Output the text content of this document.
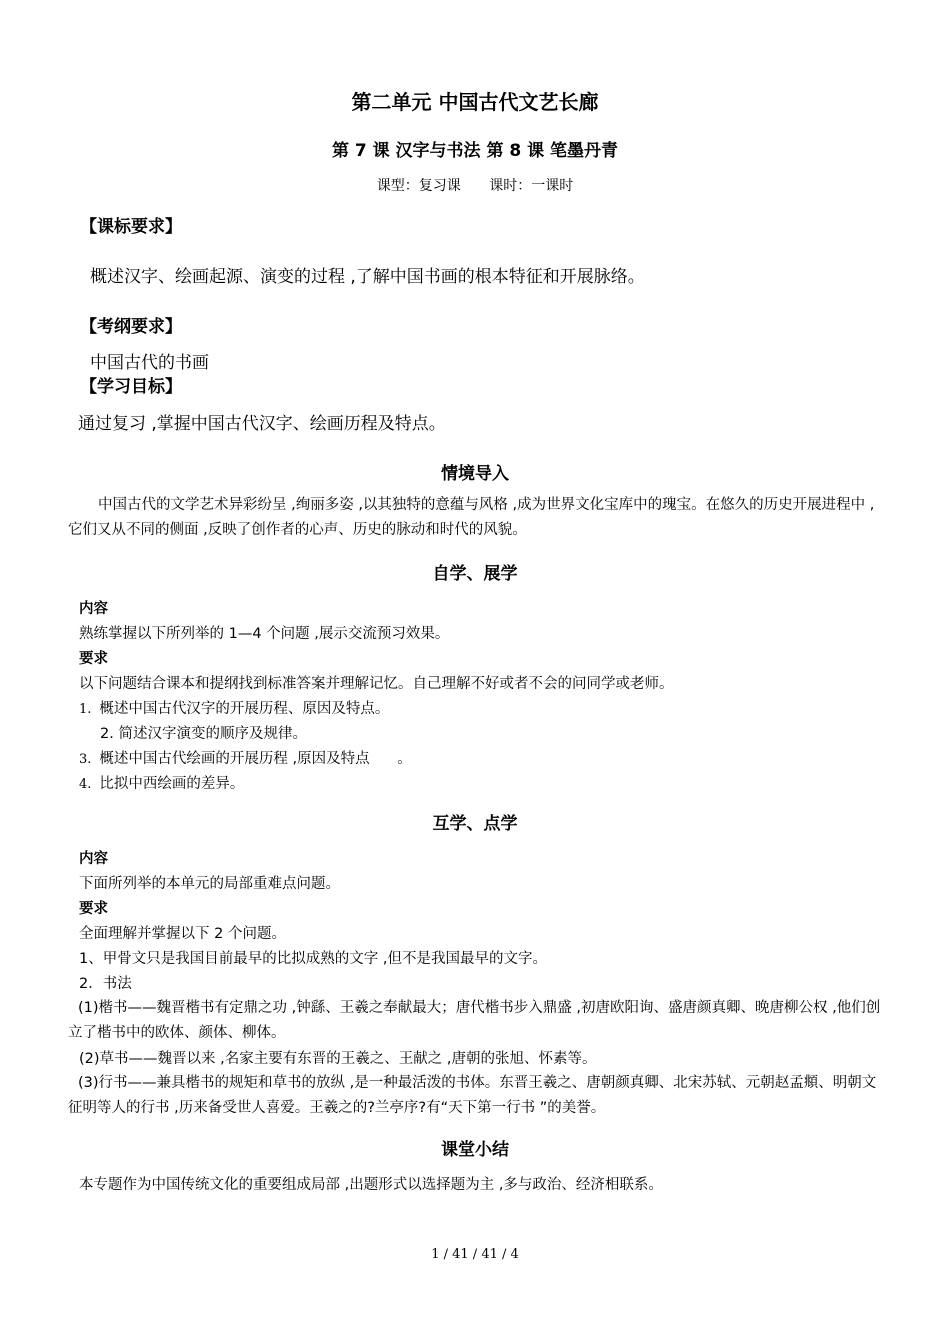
第二单元 中国古代文艺长廊
第 7 课 汉字与书法 第 8 课 笔墨丹青
课型：复习课 课时：一课时
【课标要求】
概述汉字、绘画起源、演变的过程 ,了解中国书画的根本特征和开展脉络。
【考纲要求】
中国古代的书画
【学习目标】
通过复习 ,掌握中国古代汉字、绘画历程及特点。
情境导入
中国古代的文学艺术异彩纷呈 ,绚丽多姿 ,以其独特的意蕴与风格 ,成为世界文化宝库中的瑰宝。在悠久的历史开展进程中 ,它们又从不同的侧面 ,反映了创作者的心声、历史的脉动和时代的风貌。
自学、展学
内容
熟练掌握以下所列举的 1—4 个问题 ,展示交流预习效果。
要求
以下问题结合课本和提纲找到标准答案并理解记忆。自己理解不好或者不会的问同学或老师。
1. 概述中国古代汉字的开展历程、原因及特点。
2. 简述汉字演变的顺序及规律。
3. 概述中国古代绘画的开展历程 ,原因及特点      。
4. 比拟中西绘画的差异。
互学、点学
内容
下面所列举的本单元的局部重难点问题。
要求
全面理解并掌握以下 2 个问题。
1、甲骨文只是我国目前最早的比拟成熟的文字 ,但不是我国最早的文字。
2．书法
(1)楷书——魏晋楷书有定鼎之功 ,钟繇、王羲之奉献最大；唐代楷书步入鼎盛 ,初唐欧阳询、盛唐颜真卿、晚唐柳公权 ,他们创立了楷书中的欧体、颜体、柳体。
(2)草书——魏晋以来 ,名家主要有东晋的王羲之、王献之 ,唐朝的张旭、怀素等。
(3)行书——兼具楷书的规矩和草书的放纵 ,是一种最活泼的书体。东晋王羲之、唐朝颜真卿、北宋苏轼、元朝赵孟頫、明朝文征明等人的行书 ,历来备受世人喜爱。王羲之的?兰亭序?有“天下第一行书 ”的美誉。
课堂小结
本专题作为中国传统文化的重要组成局部 ,出题形式以选择题为主 ,多与政治、经济相联系。
1 / 41 / 41 / 4
